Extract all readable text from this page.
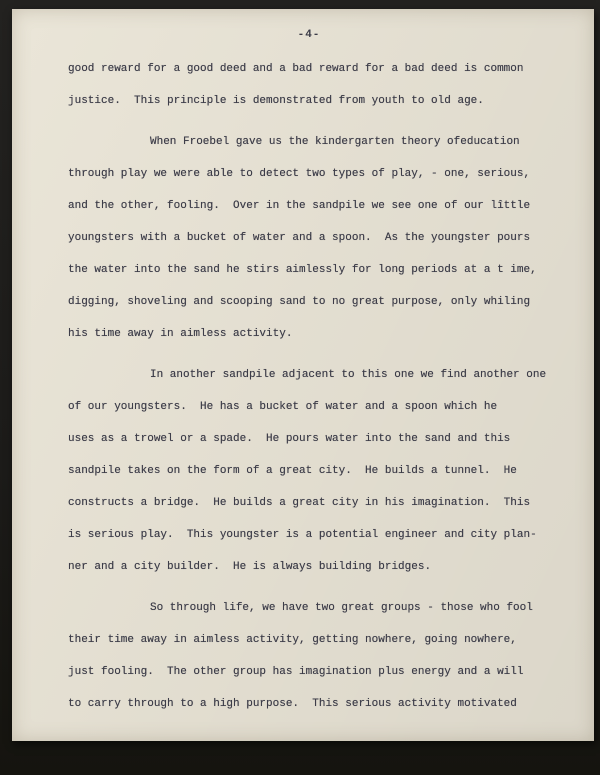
-4-
good reward for a good deed and a bad reward for a bad deed is common
justice.  This principle is demonstrated from youth to old age.
When Froebel gave us the kindergarten theory ofeducation
through play we were able to detect two types of play, - one, serious,
and the other, fooling.  Over in the sandpile we see one of our lîttle
youngsters with a bucket of water and a spoon.  As the youngster pours
the water into the sand he stirs aimlessly for long periods at a t ime,
digging, shoveling and scooping sand to no great purpose, only whiling
his time away in aimless activity.
In another sandpile adjacent to this one we find another one
of our youngsters.  He has a bucket of water and a spoon which he
uses as a trowel or a spade.  He pours water into the sand and this
sandpile takes on the form of a great city.  He builds a tunnel.  He
constructs a bridge.  He builds a great city in his imagination.  This
is serious play.  This youngster is a potential engineer and city plan-
ner and a city builder.  He is always building bridges.
So through life, we have two great groups - those who fool
their time away in aimless activity, getting nowhere, going nowhere,
just fooling.  The other group has imagination plus energy and a will
to carry through to a high purpose.  This serious activity motivated
